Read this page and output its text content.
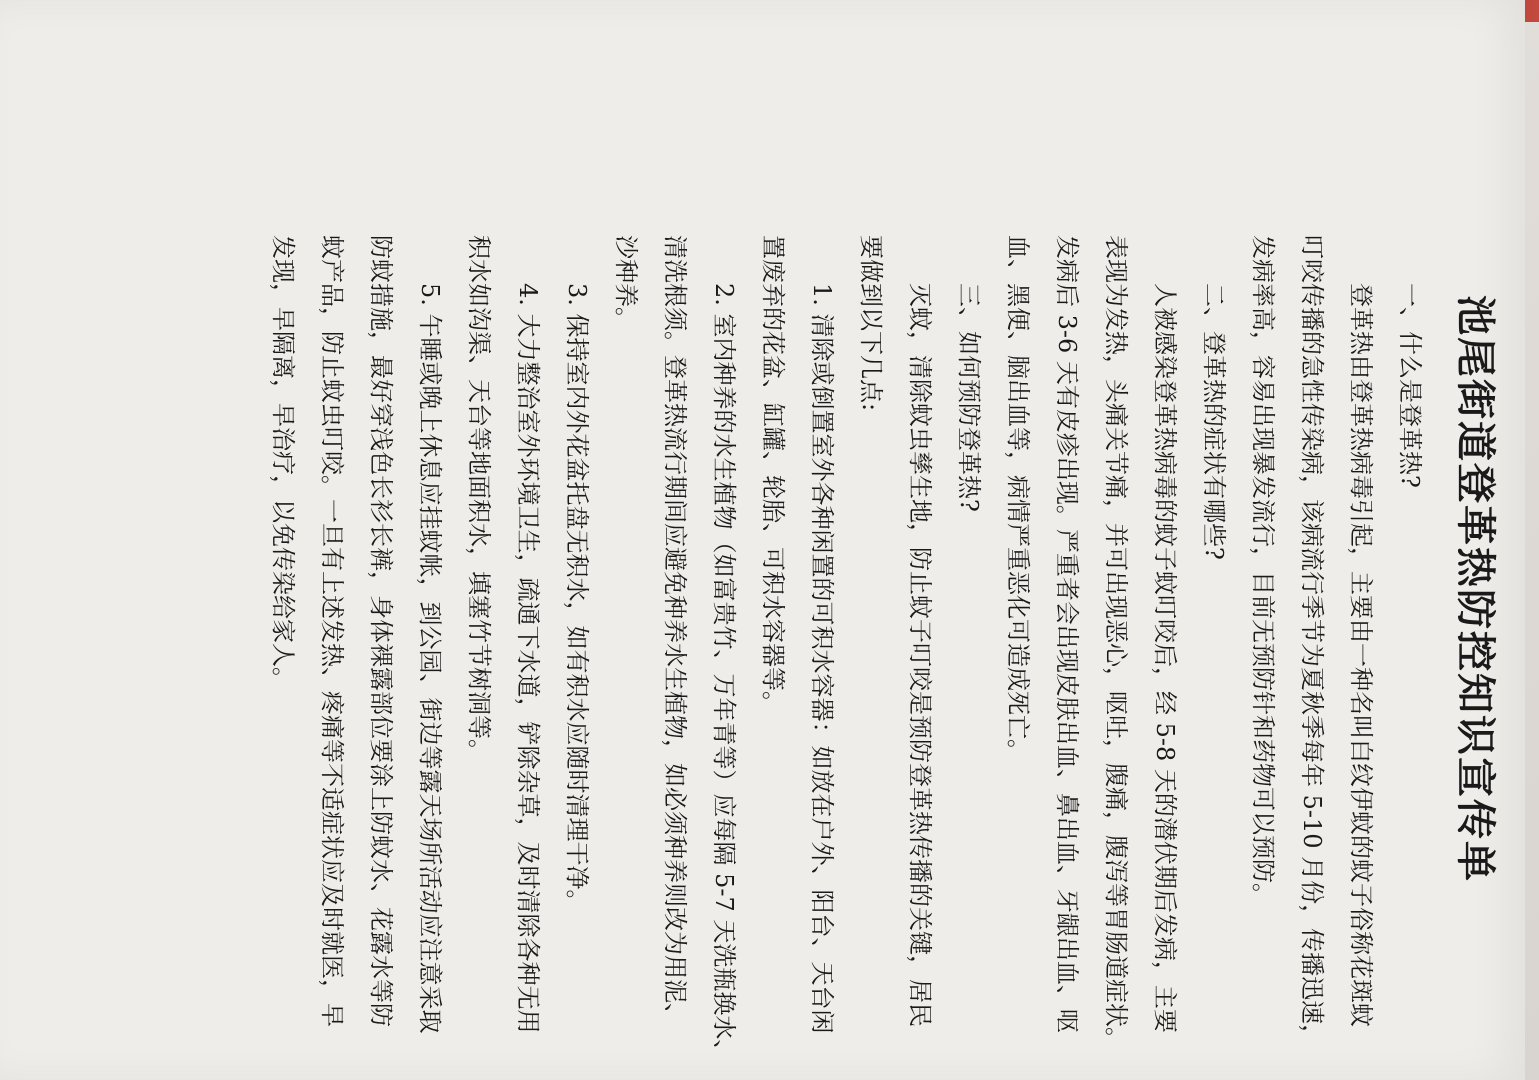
池尾街道登革热防控知识宣传单
一、什么是登革热?
登革热由登革热病毒引起，主要由一种名叫白纹伊蚊的蚊子俗称花斑蚊
叮咬传播的急性传染病，该病流行季节为夏秋季每年 5-10 月份，传播迅速，
发病率高，容易出现暴发流行，目前无预防针和药物可以预防。
二、登革热的症状有哪些?
人被感染登革热病毒的蚊子蚊叮咬后，经 5-8 天的潜伏期后发病，主要
表现为发热，头痛关节痛，并可出现恶心，呕吐，腹痛，腹泻等胃肠道症状。
发病后 3-6 天有皮疹出现。严重者会出现皮肤出血、鼻出血、牙龈出血、呕
血、黑便、脑出血等，病情严重恶化可造成死亡。
三、如何预防登革热?
灭蚊，清除蚊虫孳生地，防止蚊子叮咬是预防登革热传播的关键，居民
要做到以下几点:
1. 清除或倒置室外各种闲置的可积水容器：如放在户外、阳台、天台闲
置废弃的花盆、缸罐、轮胎、可积水容器等。
2. 室内种养的水生植物（如富贵竹、万年青等）应每隔 5-7 天洗瓶换水、
清洗根须。登革热流行期间应避免种养水生植物，如必须种养则改为用泥、
沙种养。
3. 保持室内外花盆托盘无积水，如有积水应随时清理干净。
4. 大力整治室外环境卫生，疏通下水道，铲除杂草，及时清除各种无用
积水如沟渠、天台等地面积水，填塞竹节树洞等。
5. 午睡或晚上休息应挂蚊帐，到公园、街边等露天场所活动应注意采取
防蚊措施，最好穿浅色长衫长裤，身体裸露部位要涂上防蚊水、花露水等防
蚊产品，防止蚊虫叮咬。一旦有上述发热、疼痛等不适症状应及时就医，早
发现，早隔离，早治疗，以免传染给家人。
